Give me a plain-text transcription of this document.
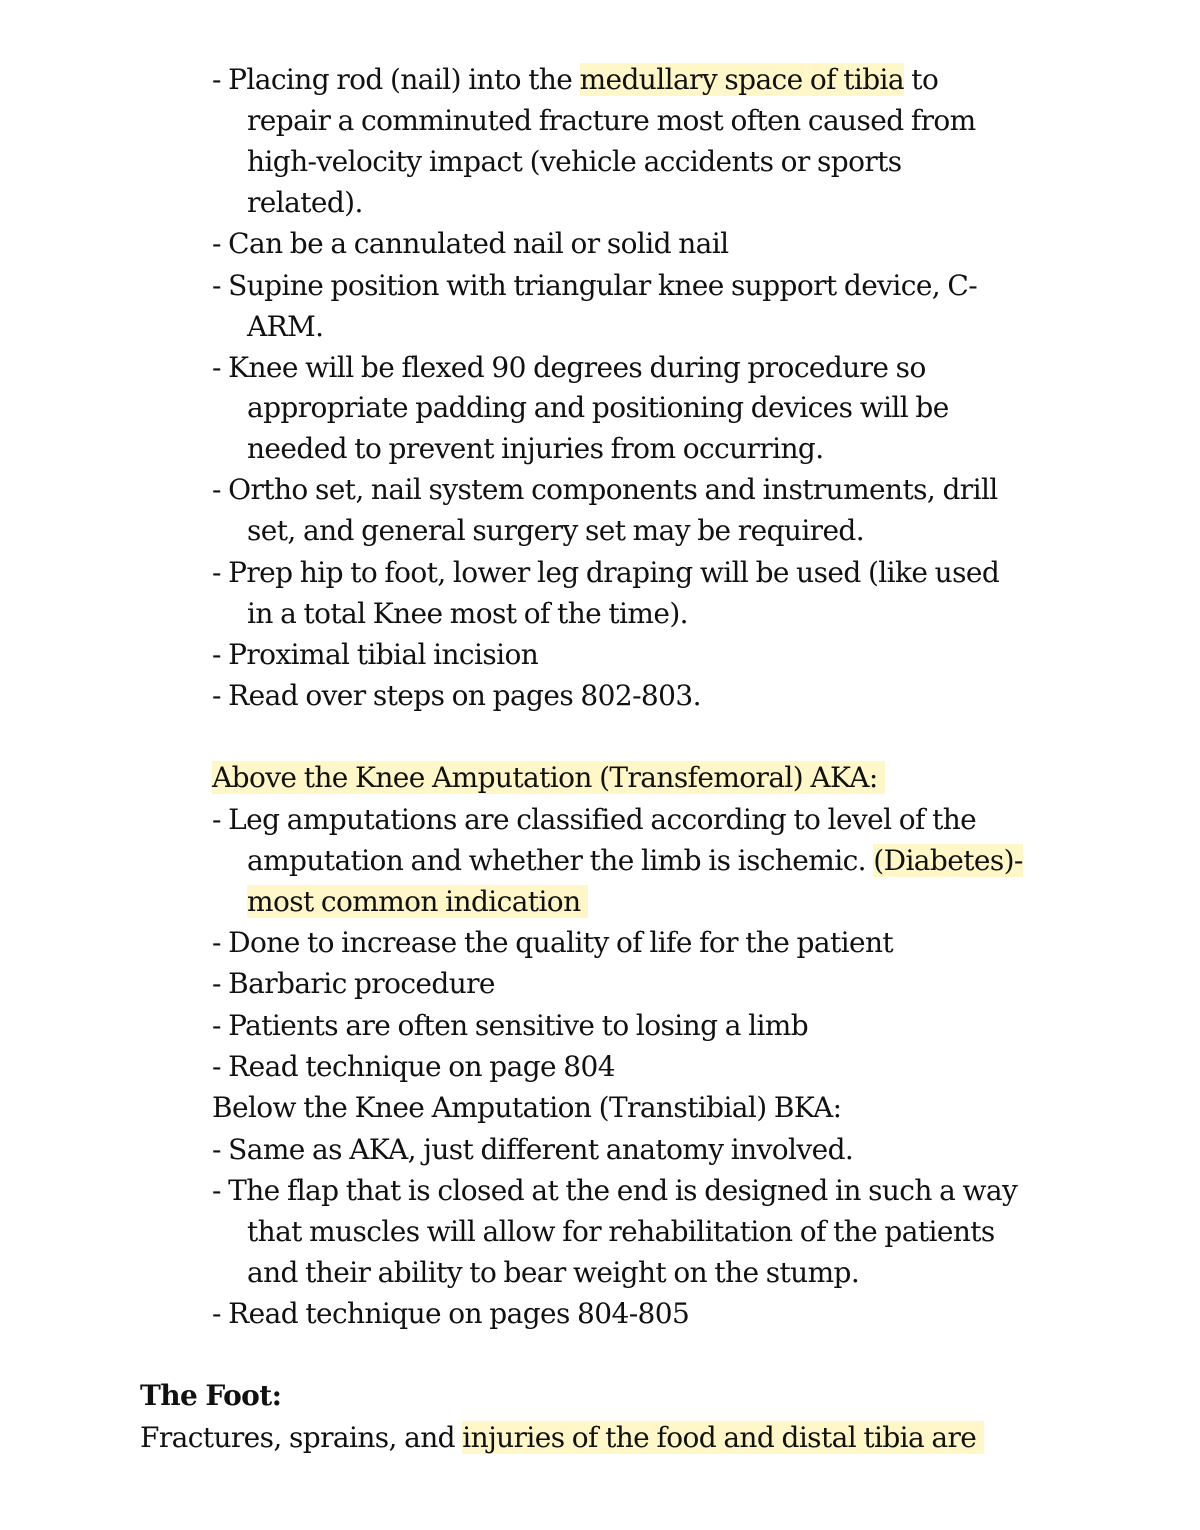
- Placing rod (nail) into the medullary space of tibia to
repair a comminuted fracture most often caused from
high-velocity impact (vehicle accidents or sports
related).
- Can be a cannulated nail or solid nail
- Supine position with triangular knee support device, C-
ARM.
- Knee will be flexed 90 degrees during procedure so
appropriate padding and positioning devices will be
needed to prevent injuries from occurring.
- Ortho set, nail system components and instruments, drill
set, and general surgery set may be required.
- Prep hip to foot, lower leg draping will be used (like used
in a total Knee most of the time).
- Proximal tibial incision
- Read over steps on pages 802-803.
Above the Knee Amputation (Transfemoral) AKA:
- Leg amputations are classified according to level of the
amputation and whether the limb is ischemic. (Diabetes)-
most common indication
- Done to increase the quality of life for the patient
- Barbaric procedure
- Patients are often sensitive to losing a limb
- Read technique on page 804
Below the Knee Amputation (Transtibial) BKA:
- Same as AKA, just different anatomy involved.
- The flap that is closed at the end is designed in such a way
that muscles will allow for rehabilitation of the patients
and their ability to bear weight on the stump.
- Read technique on pages 804-805
The Foot:
Fractures, sprains, and injuries of the food and distal tibia are
